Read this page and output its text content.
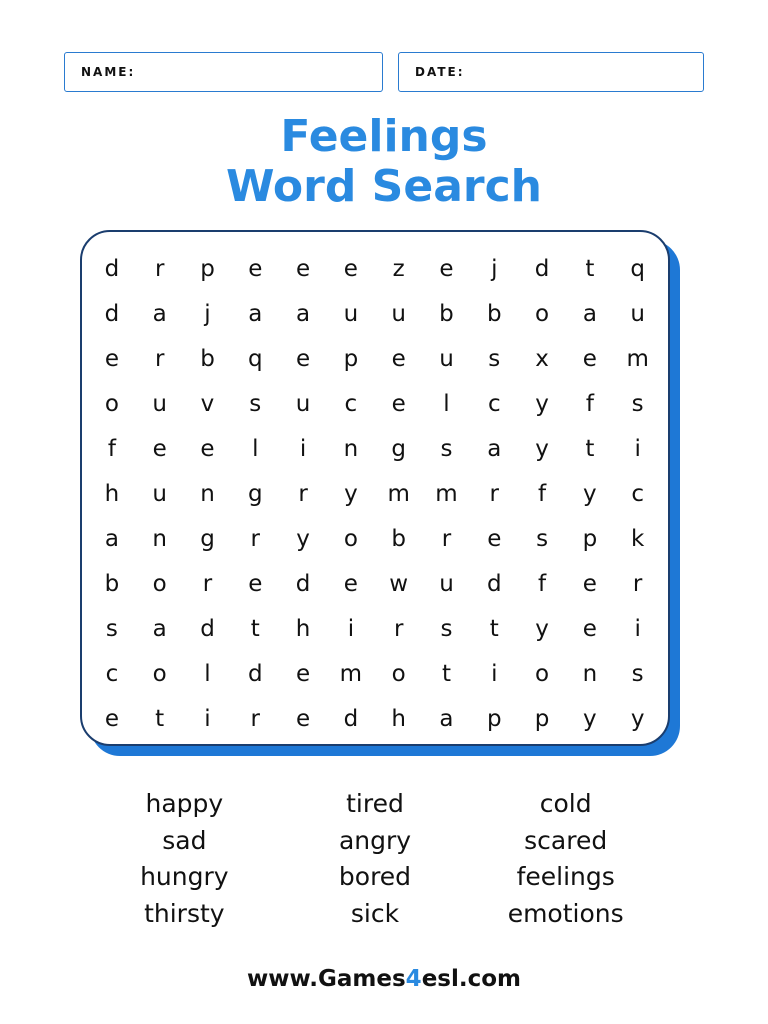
NAME:	DATE:
Feelings
Word Search
d	r	p	e	e	e	z	e	j	d	t	q
d	a	j	a	a	u	u	b	b	o	a	u
e	r	b	q	e	p	e	u	s	x	e	m
o	u	v	s	u	c	e	l	c	y	f	s
f	e	e	l	i	n	g	s	a	y	t	i
h	u	n	g	r	y	m	m	r	f	y	c
a	n	g	r	y	o	b	r	e	s	p	k
b	o	r	e	d	e	w	u	d	f	e	r
s	a	d	t	h	i	r	s	t	y	e	i
c	o	l	d	e	m	o	t	i	o	n	s
e	t	i	r	e	d	h	a	p	p	y	y
happy
sad
hungry
thirsty
tired
angry
bored
sick
cold
scared
feelings
emotions
www.Games4esl.com
